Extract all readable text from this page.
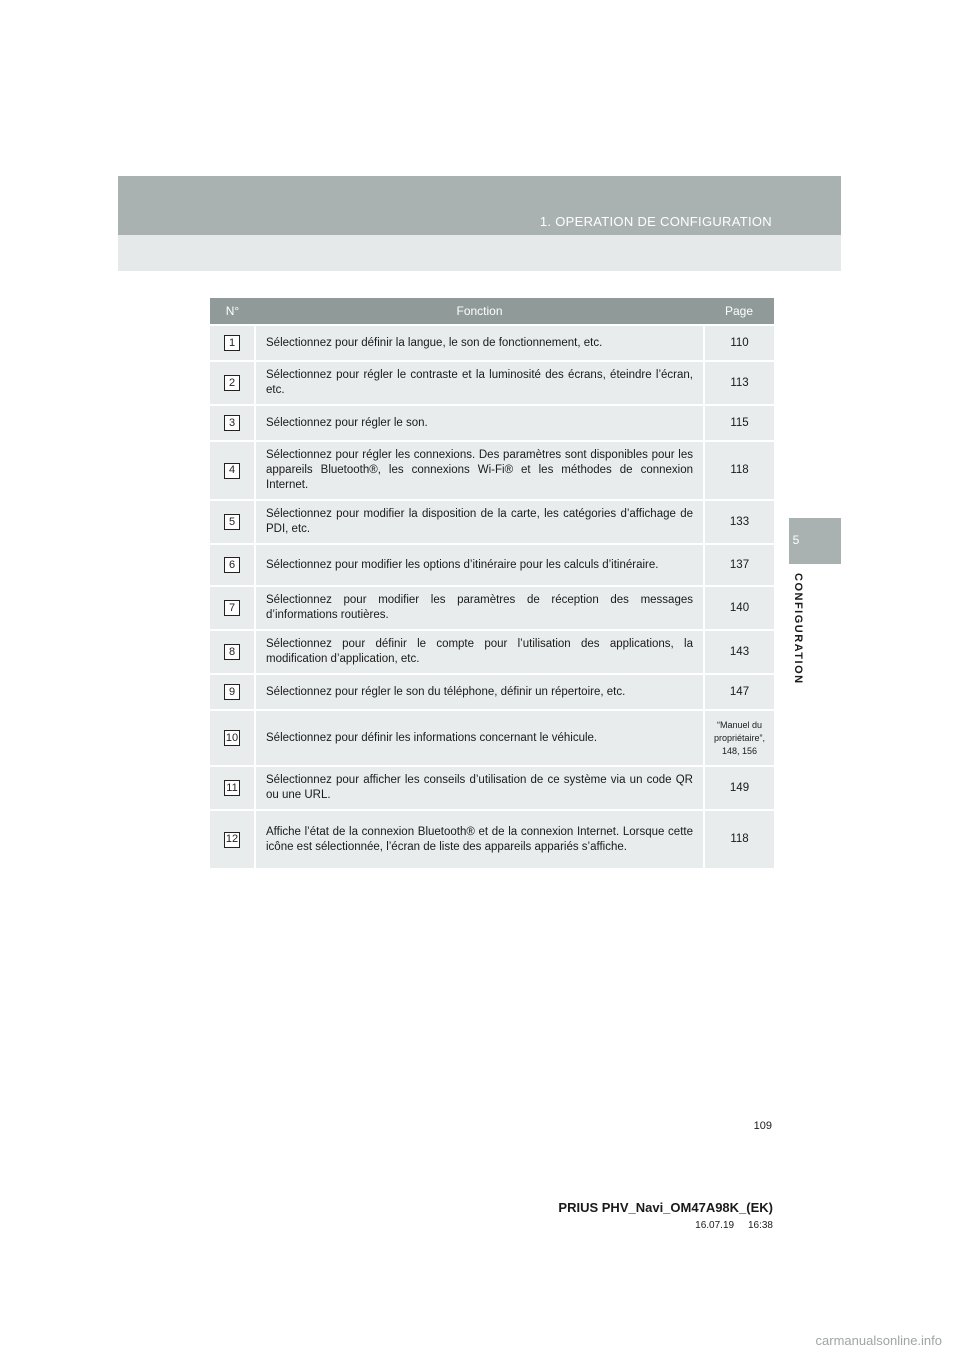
1. OPERATION DE CONFIGURATION
5
CONFIGURATION
N°	Fonction	Page
1	Sélectionnez pour définir la langue, le son de fonctionnement, etc.	110
2	Sélectionnez pour régler le contraste et la luminosité des écrans, éteindre l’écran, etc.	113
3	Sélectionnez pour régler le son.	115
4	Sélectionnez pour régler les connexions. Des paramètres sont disponibles pour les appareils Bluetooth®, les connexions Wi-Fi® et les méthodes de connexion Internet.	118
5	Sélectionnez pour modifier la disposition de la carte, les catégories d’affichage de PDI, etc.	133
6	Sélectionnez pour modifier les options d’itinéraire pour les calculs d’itinéraire.	137
7	Sélectionnez pour modifier les paramètres de réception des messages d’informations routières.	140
8	Sélectionnez pour définir le compte pour l’utilisation des applications, la modification d’application, etc.	143
9	Sélectionnez pour régler le son du téléphone, définir un répertoire, etc.	147
10	Sélectionnez pour définir les informations concernant le véhicule.	“Manuel du propriétaire”, 148, 156
11	Sélectionnez pour afficher les conseils d’utilisation de ce système via un code QR ou une URL.	149
12	Affiche l’état de la connexion Bluetooth® et de la connexion Internet. Lorsque cette icône est sélectionnée, l’écran de liste des appareils appariés s’affiche.	118
109
PRIUS PHV_Navi_OM47A98K_(EK)
16.07.19     16:38
carmanualsonline.info
